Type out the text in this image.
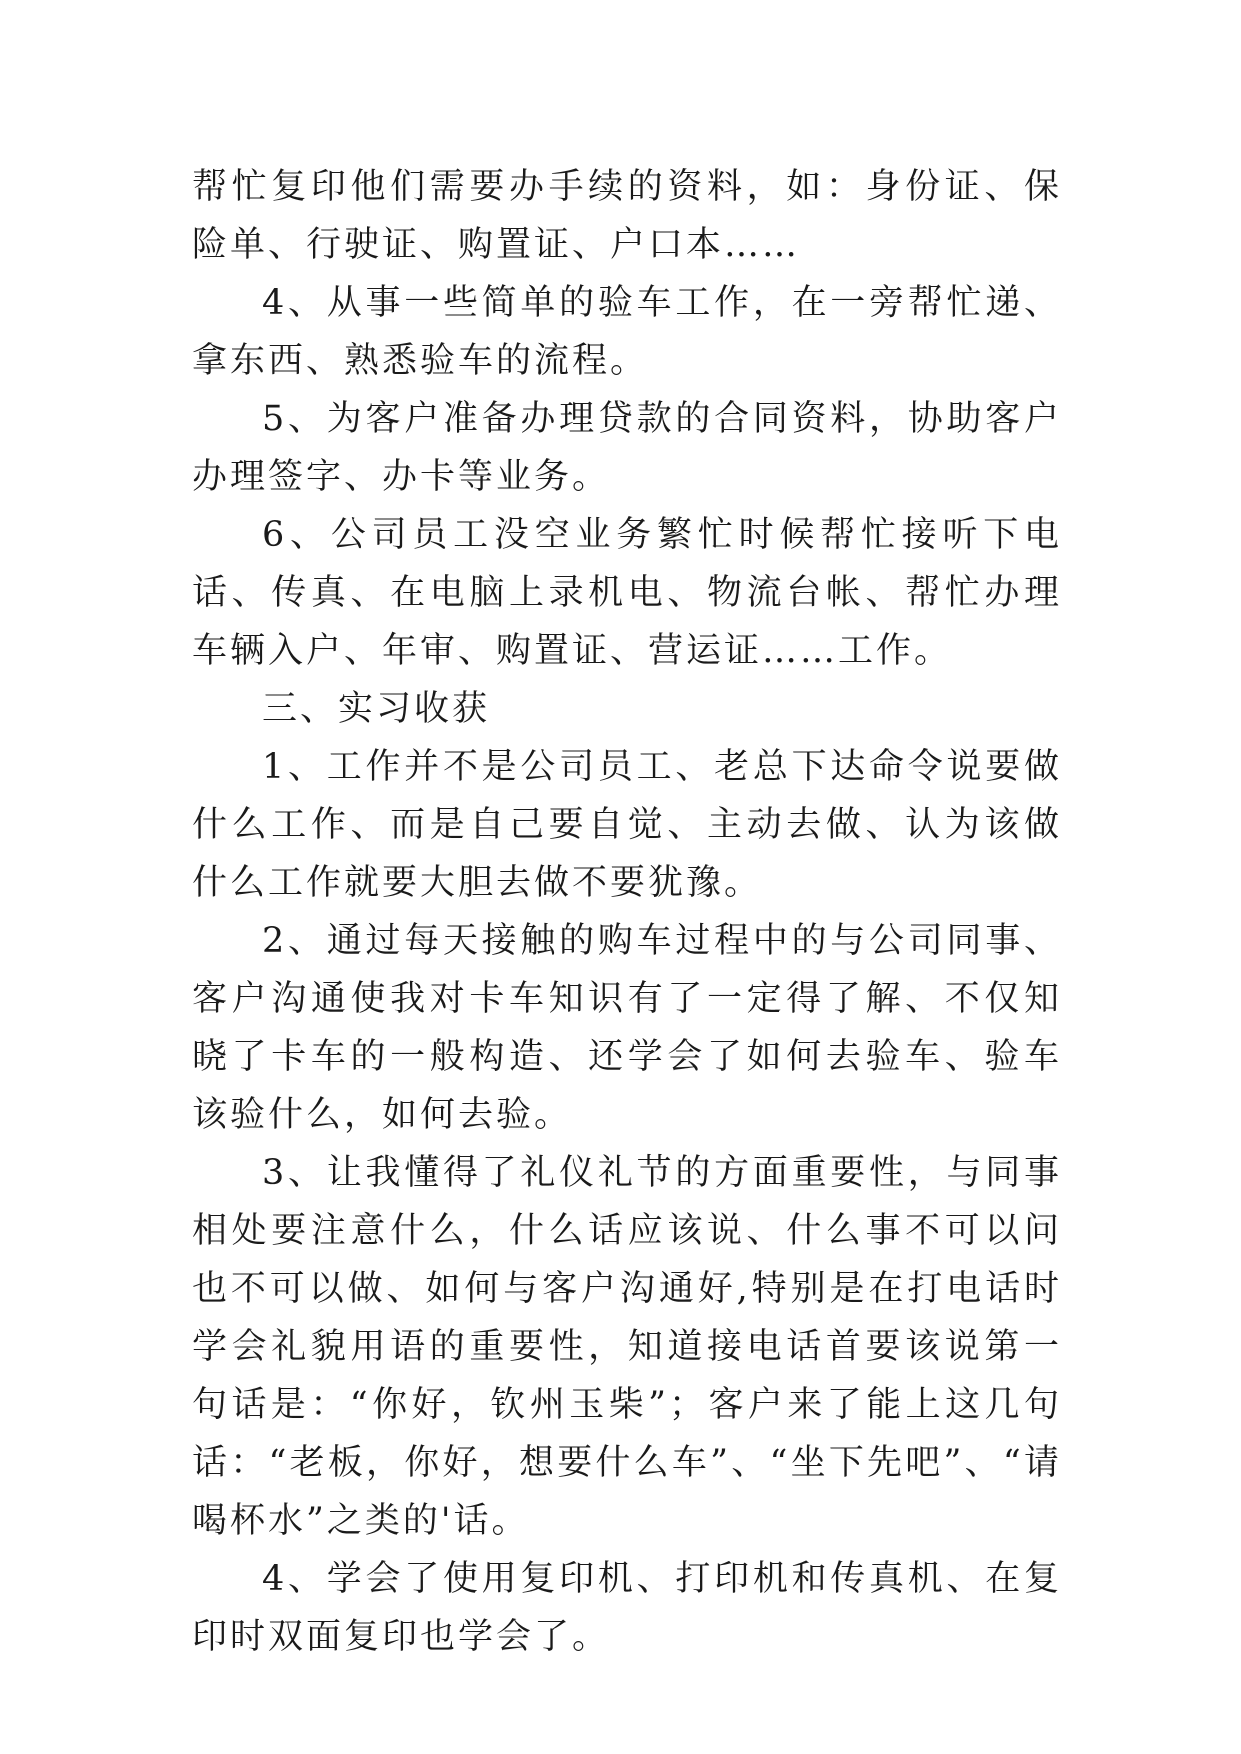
帮忙复印他们需要办手续的资料，如：身份证、保险单、行驶证、购置证、户口本……

4、从事一些简单的验车工作，在一旁帮忙递、拿东西、熟悉验车的流程。

5、为客户准备办理贷款的合同资料，协助客户办理签字、办卡等业务。

6、公司员工没空业务繁忙时候帮忙接听下电话、传真、在电脑上录机电、物流台帐、帮忙办理车辆入户、年审、购置证、营运证……工作。

三、实习收获

1、工作并不是公司员工、老总下达命令说要做什么工作、而是自己要自觉、主动去做、认为该做什么工作就要大胆去做不要犹豫。

2、通过每天接触的购车过程中的与公司同事、客户沟通使我对卡车知识有了一定得了解、不仅知晓了卡车的一般构造、还学会了如何去验车、验车该验什么，如何去验。

3、让我懂得了礼仪礼节的方面重要性，与同事相处要注意什么，什么话应该说、什么事不可以问也不可以做、如何与客户沟通好,特别是在打电话时学会礼貌用语的重要性，知道接电话首要该说第一句话是：“你好，钦州玉柴”；客户来了能上这几句话：“老板，你好，想要什么车”、“坐下先吧”、“请喝杯水”之类的'话。

4、学会了使用复印机、打印机和传真机、在复印时双面复印也学会了。
